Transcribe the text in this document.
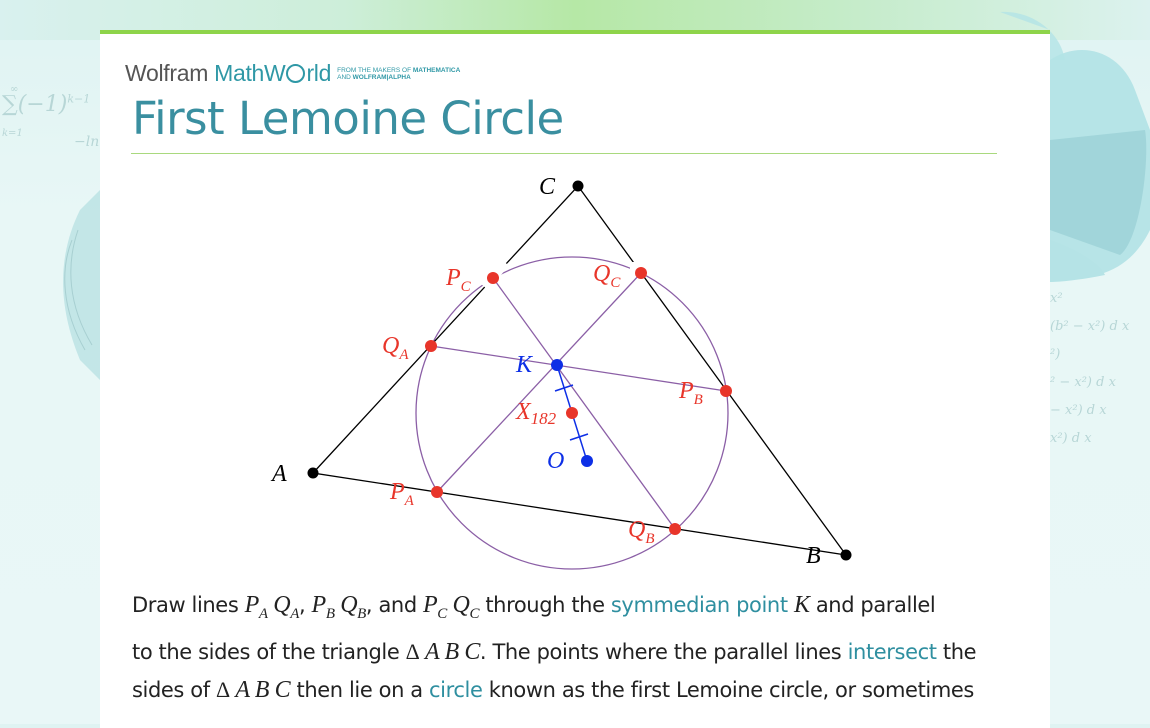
∞
$\sum(-1)^{k-1}$
k=1
−ln
x²
(b² − x²) d x
²)
² − x²) d x
− x²) d x
x²) d x
Wolfram MathW rld FROM THE MAKERS OF MATHEMATICA
AND WOLFRAM|ALPHA
First Lemoine Circle
A
B
C
$P_A$
$Q_A$
$P_B$
$Q_B$
$P_C$	$Q_C$
$X_{182}$
K
O
Draw lines $P_A$ $Q_A$, $P_B$ $Q_B$, and $P_C$ $Q_C$ through the symmedian point K and parallel
to the sides of the triangle Δ A B C. The points where the parallel lines intersect the
sides of Δ A B C then lie on a circle known as the first Lemoine circle, or sometimes
